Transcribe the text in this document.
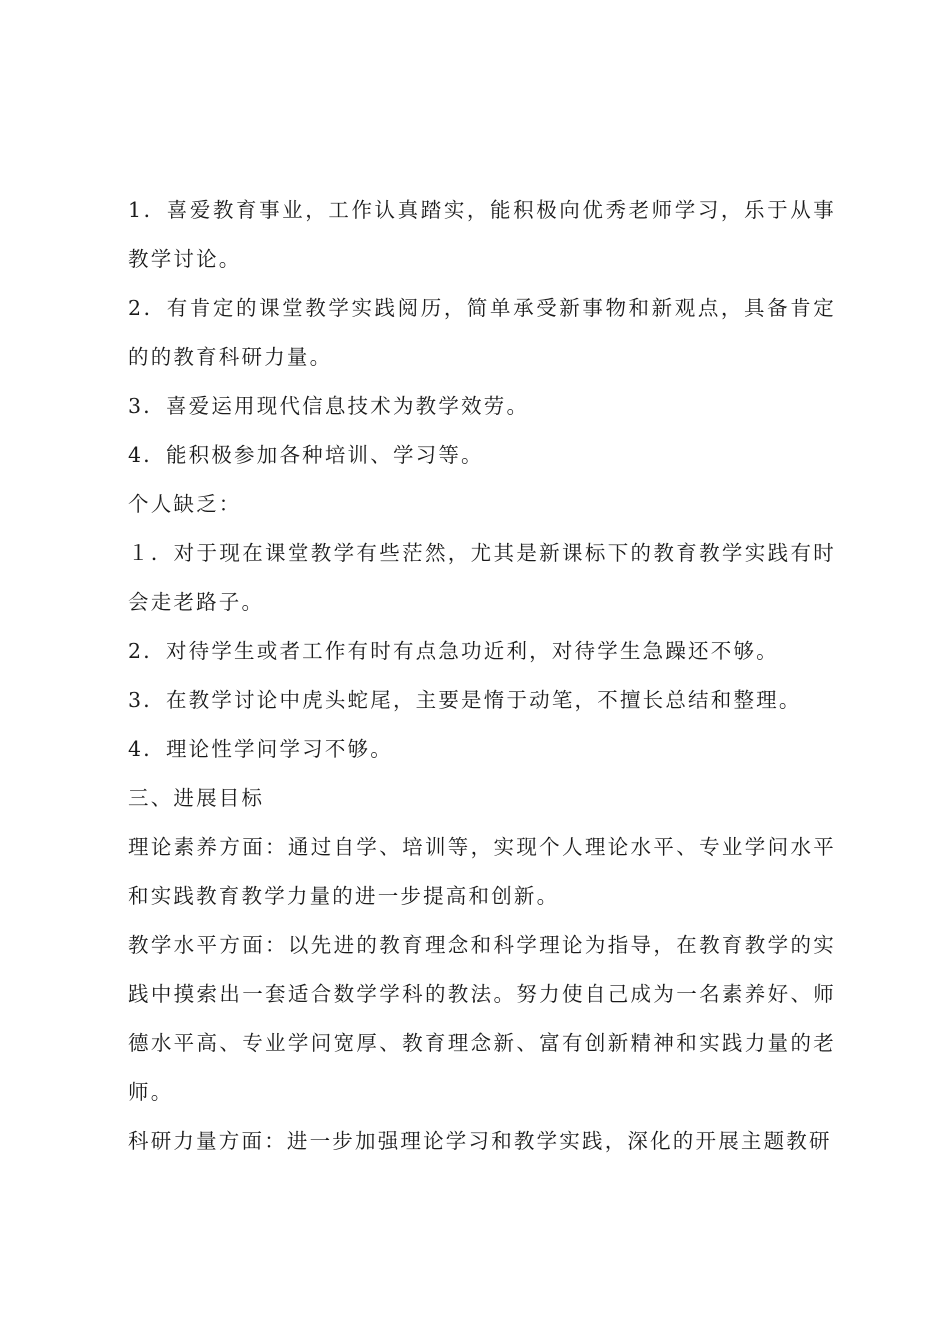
1．喜爱教育事业，工作认真踏实，能积极向优秀老师学习，乐于从事教学讨论。

2．有肯定的课堂教学实践阅历，简单承受新事物和新观点，具备肯定的的教育科研力量。

3．喜爱运用现代信息技术为教学效劳。

4．能积极参加各种培训、学习等。

个人缺乏：

１．对于现在课堂教学有些茫然，尤其是新课标下的教育教学实践有时会走老路子。

2．对待学生或者工作有时有点急功近利，对待学生急躁还不够。

3．在教学讨论中虎头蛇尾，主要是惰于动笔，不擅长总结和整理。

4．理论性学问学习不够。

三、进展目标

理论素养方面：通过自学、培训等，实现个人理论水平、专业学问水平和实践教育教学力量的进一步提高和创新。

教学水平方面：以先进的教育理念和科学理论为指导，在教育教学的实践中摸索出一套适合数学学科的教法。努力使自己成为一名素养好、师德水平高、专业学问宽厚、教育理念新、富有创新精神和实践力量的老师。

科研力量方面：进一步加强理论学习和教学实践，深化的开展主题教研
